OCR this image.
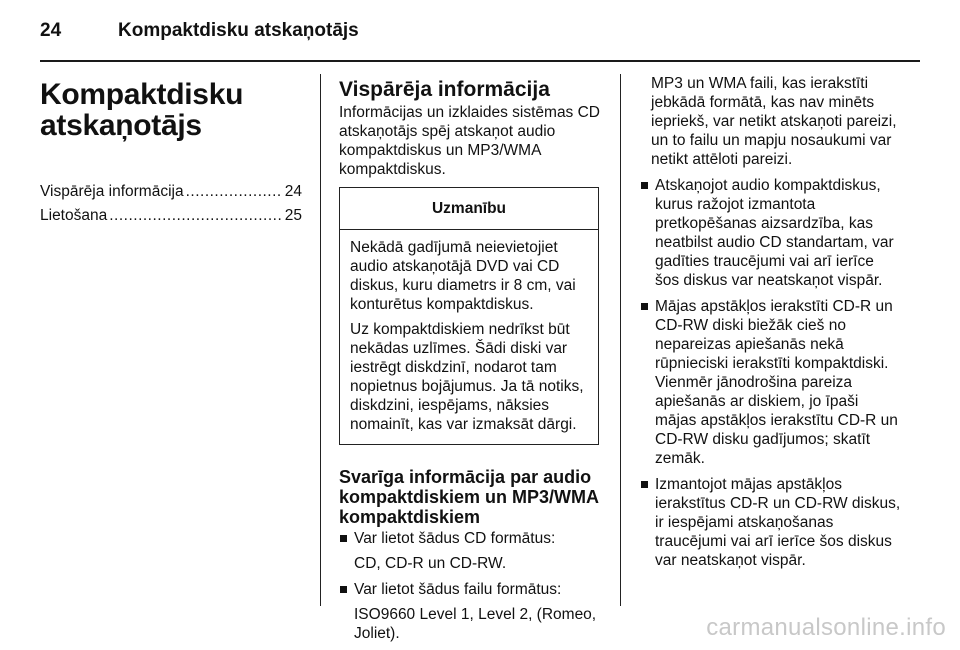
24	Kompaktdisku atskaņotājs
Kompaktdisku
atskaņotājs
Vispārēja informācija .....	24
Lietošana .....	25
Vispārēja informācija

Informācijas un izklaides sistēmas CD atskaņotājs spēj atskaņot audio kompaktdiskus un MP3/WMA kompaktdiskus.

Uzmanību

Nekādā gadījumā neievietojiet audio atskaņotājā DVD vai CD diskus, kuru diametrs ir 8 cm, vai konturētus kompaktdiskus.

Uz kompaktdiskiem nedrīkst būt nekādas uzlīmes. Šādi diski var iestrēgt diskdzinī, nodarot tam nopietnus bojājumus. Ja tā notiks, diskdzini, iespējams, nāksies nomainīt, kas var izmaksāt dārgi.

Svarīga informācija par audio kompaktdiskiem un MP3/WMA kompaktdiskiem
Var lietot šādus CD formātus:
CD, CD-R un CD-RW.
Var lietot šādus failu formātus:
ISO9660 Level 1, Level 2, (Romeo, Joliet).
MP3 un WMA faili, kas ierakstīti jebkādā formātā, kas nav minēts iepriekš, var netikt atskaņoti pareizi, un to failu un mapju nosaukumi var netikt attēloti pareizi.
Atskaņojot audio kompaktdiskus, kurus ražojot izmantota pretkopēšanas aizsardzība, kas neatbilst audio CD standartam, var gadīties traucējumi vai arī ierīce šos diskus var neatskaņot vispār.
Mājas apstākļos ierakstīti CD-R un CD-RW diski biežāk cieš no nepareizas apiešanās nekā rūpnieciski ierakstīti kompaktdiski. Vienmēr jānodrošina pareiza apiešanās ar diskiem, jo īpaši mājas apstākļos ierakstītu CD-R un CD-RW disku gadījumos; skatīt zemāk.
Izmantojot mājas apstākļos ierakstītus CD-R un CD-RW diskus, ir iespējami atskaņošanas traucējumi vai arī ierīce šos diskus var neatskaņot vispār.
carmanualsonline.info
